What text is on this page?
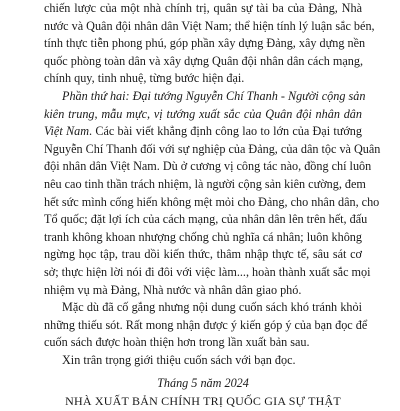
chiến lược của một nhà chính trị, quân sự tài ba của Đảng, Nhà
nước và Quân đội nhân dân Việt Nam; thể hiện tính lý luận sắc bén,
tính thực tiễn phong phú, góp phần xây dựng Đảng, xây dựng nền
quốc phòng toàn dân và xây dựng Quân đội nhân dân cách mạng,
chính quy, tinh nhuệ, từng bước hiện đại.
Phần thứ hai: Đại tướng Nguyễn Chí Thanh - Người cộng sản
kiên trung, mẫu mực, vị tướng xuất sắc của Quân đội nhân dân
Việt Nam. Các bài viết khẳng định công lao to lớn của Đại tướng
Nguyễn Chí Thanh đối với sự nghiệp của Đảng, của dân tộc và Quân
đội nhân dân Việt Nam. Dù ở cương vị công tác nào, đồng chí luôn
nêu cao tinh thần trách nhiệm, là người cộng sản kiên cường, đem
hết sức mình cống hiến không mệt mỏi cho Đảng, cho nhân dân, cho
Tổ quốc; đặt lợi ích của cách mạng, của nhân dân lên trên hết, đấu
tranh không khoan nhượng chống chủ nghĩa cá nhân; luôn không
ngừng học tập, trau dồi kiến thức, thâm nhập thực tế, sâu sát cơ
sở; thực hiện lời nói đi đôi với việc làm..., hoàn thành xuất sắc mọi
nhiệm vụ mà Đảng, Nhà nước và nhân dân giao phó.
Mặc dù đã cố gắng nhưng nội dung cuốn sách khó tránh khỏi
những thiếu sót. Rất mong nhận được ý kiến góp ý của bạn đọc để
cuốn sách được hoàn thiện hơn trong lần xuất bản sau.
Xin trân trọng giới thiệu cuốn sách với bạn đọc.
Tháng 5 năm 2024
NHÀ XUẤT BẢN CHÍNH TRỊ QUỐC GIA SỰ THẬT
